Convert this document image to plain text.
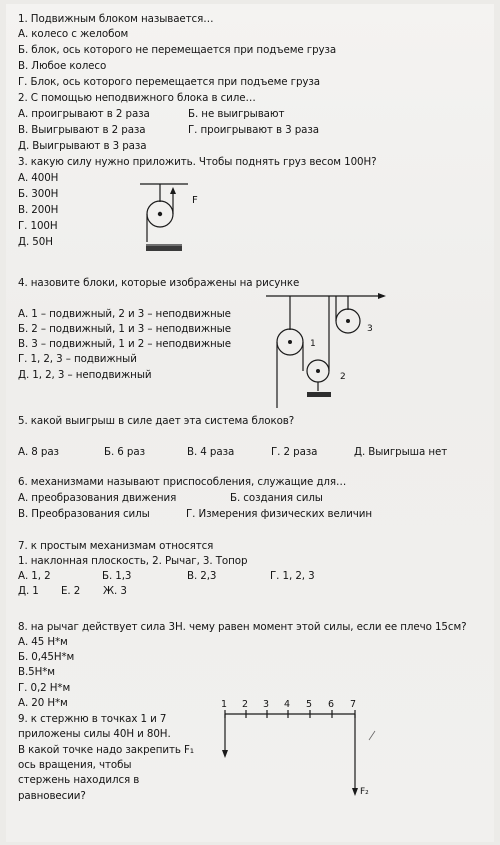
1. Подвижным блоком называется…
А. колесо с желобом
Б. блок, ось которого не перемещается при подъеме груза
В. Любое колесо
Г. Блок, ось которого перемещается при подъеме груза
2. С помощью неподвижного блока в силе…
А. проигрывают в 2 раза	Б. не выигрывают
В. Выигрывают в 2 раза	Г. проигрывают в 3 раза
Д. Выигрывают в 3 раза
3. какую силу нужно приложить. Чтобы поднять груз весом 100Н?
А. 400Н
Б. 300Н
В. 200Н
Г. 100Н
Д. 50Н
F
4. назовите блоки, которые изображены на рисунке
А. 1 – подвижный, 2 и 3 – неподвижные
Б. 2 – подвижный, 1 и 3 – неподвижные
В. 3 – подвижный, 1 и 2 – неподвижные
Г. 1, 2, 3 – подвижный
Д. 1, 2, 3 – неподвижный
3
1
2
5. какой выигрыш в силе дает эта система блоков?
А. 8 раз	Б. 6 раз	В. 4 раза	Г. 2 раза	Д. Выигрыша нет
6. механизмами называют приспособления, служащие для…
А. преобразования движения	Б. создания силы
В. Преобразования силы	Г. Измерения физических величин
7. к простым механизмам относятся
1. наклонная плоскость, 2. Рычаг, 3. Топор
А. 1, 2	Б. 1,3	В. 2,3	Г. 1, 2, 3
Д. 1 Е. 2 Ж. 3
8. на рычаг действует сила 3Н. чему равен момент этой силы, если ее плечо 15см?
А. 45 Н*м
Б. 0,45Н*м
В.5Н*м
Г. 0,2 Н*м
А. 20 Н*м
9. к стержню в точках 1 и 7
приложены силы 40Н и 80Н.
В какой точке надо закрепить F₁
ось вращения, чтобы
стержень находился в
равновесии?
1 2 3 4 5 6 7
F₂
